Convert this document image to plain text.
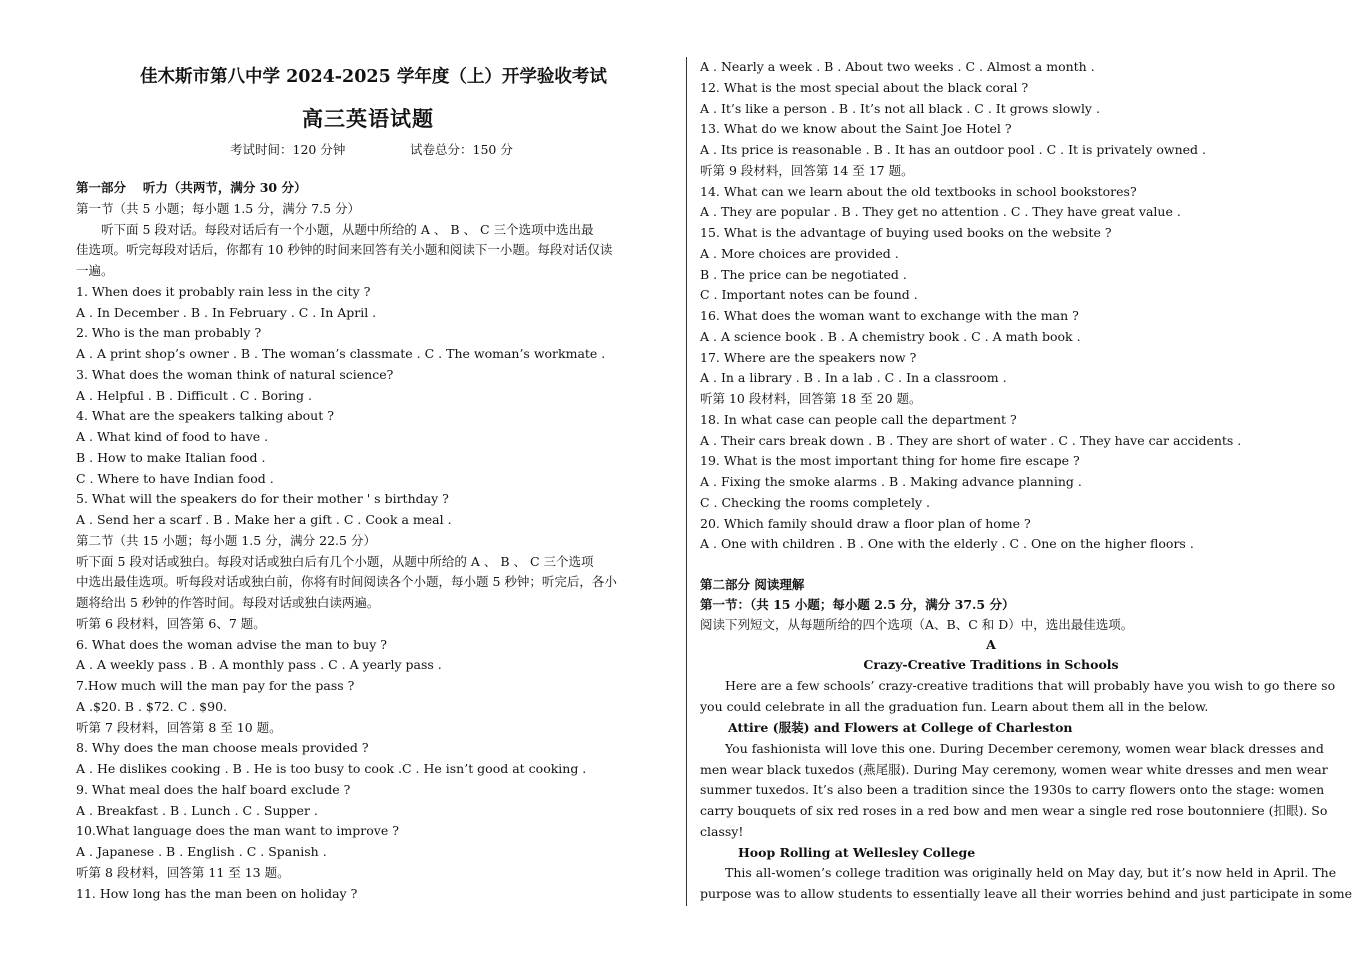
佳木斯市第八中学 2024-2025 学年度（上）开学验收考试
高三英语试题
考试时间：120 分钟	试卷总分：150 分
第一部分　 听力（共两节，满分 30 分）
第一节（共 5 小题；每小题 1.5 分，满分 7.5 分）
　　听下面 5 段对话。每段对话后有一个小题，从题中所给的 A 、 B 、 C 三个选项中选出最
佳选项。听完每段对话后，你都有 10 秒钟的时间来回答有关小题和阅读下一小题。每段对话仅读
一遍。
1. When does it probably rain less in the city ?
A . In December . B . In February . C . In April .
2. Who is the man probably ?
A . A print shop’s owner . B . The woman’s classmate . C . The woman’s workmate .
3. What does the woman think of natural science?
A . Helpful . B . Difficult . C . Boring .
4. What are the speakers talking about ?
A . What kind of food to have .
B . How to make Italian food .
C . Where to have Indian food .
5. What will the speakers do for their mother ' s birthday ?
A . Send her a scarf . B . Make her a gift . C . Cook a meal .
第二节（共 15 小题；每小题 1.5 分，满分 22.5 分）
听下面 5 段对话或独白。每段对话或独白后有几个小题，从题中所给的 A 、 B 、 C 三个选项
中选出最佳选项。听每段对话或独白前，你将有时间阅读各个小题，每小题 5 秒钟；听完后，各小
题将给出 5 秒钟的作答时间。每段对话或独白读两遍。
听第 6 段材料，回答第 6、7 题。
6. What does the woman advise the man to buy ?
A . A weekly pass . B . A monthly pass . C . A yearly pass .
7.How much will the man pay for the pass ?
A .$20. B . $72. C . $90.
听第 7 段材料，回答第 8 至 10 题。
8. Why does the man choose meals provided ?
A . He dislikes cooking . B . He is too busy to cook .C . He isn’t good at cooking .
9. What meal does the half board exclude ?
A . Breakfast . B . Lunch . C . Supper .
10.What language does the man want to improve ?
A . Japanese . B . English . C . Spanish .
听第 8 段材料，回答第 11 至 13 题。
11. How long has the man been on holiday ?
A . Nearly a week . B . About two weeks . C . Almost a month .
12. What is the most special about the black coral ?
A . It’s like a person . B . It’s not all black . C . It grows slowly .
13. What do we know about the Saint Joe Hotel ?
A . Its price is reasonable . B . It has an outdoor pool . C . It is privately owned .
听第 9 段材料，回答第 14 至 17 题。
14. What can we learn about the old textbooks in school bookstores?
A . They are popular . B . They get no attention . C . They have great value .
15. What is the advantage of buying used books on the website ?
A . More choices are provided .
B . The price can be negotiated .
C . Important notes can be found .
16. What does the woman want to exchange with the man ?
A . A science book . B . A chemistry book . C . A math book .
17. Where are the speakers now ?
A . In a library . B . In a lab . C . In a classroom .
听第 10 段材料，回答第 18 至 20 题。
18. In what case can people call the department ?
A . Their cars break down . B . They are short of water . C . They have car accidents .
19. What is the most important thing for home fire escape ?
A . Fixing the smoke alarms . B . Making advance planning .
C . Checking the rooms completely .
20. Which family should draw a floor plan of home ?
A . One with children . B . One with the elderly . C . One on the higher floors .
第二部分 阅读理解
第一节：（共 15 小题；每小题 2.5 分，满分 37.5 分）
阅读下列短文，从每题所给的四个选项（A、B、C 和 D）中，选出最佳选项。
A
Crazy-Creative Traditions in Schools
　　Here are a few schools’ crazy-creative traditions that will probably have you wish to go there so
you could celebrate in all the graduation fun. Learn about them all in the below.
Attire (服装) and Flowers at College of Charleston
　　You fashionista will love this one. During December ceremony, women wear black dresses and
men wear black tuxedos (燕尾服). During May ceremony, women wear white dresses and men wear
summer tuxedos. It’s also been a tradition since the 1930s to carry flowers onto the stage: women
carry bouquets of six red roses in a red bow and men wear a single red rose boutonniere (扣眼). So
classy!
Hoop Rolling at Wellesley College
　　This all-women’s college tradition was originally held on May day, but it’s now held in April. The
purpose was to allow students to essentially leave all their worries behind and just participate in some
